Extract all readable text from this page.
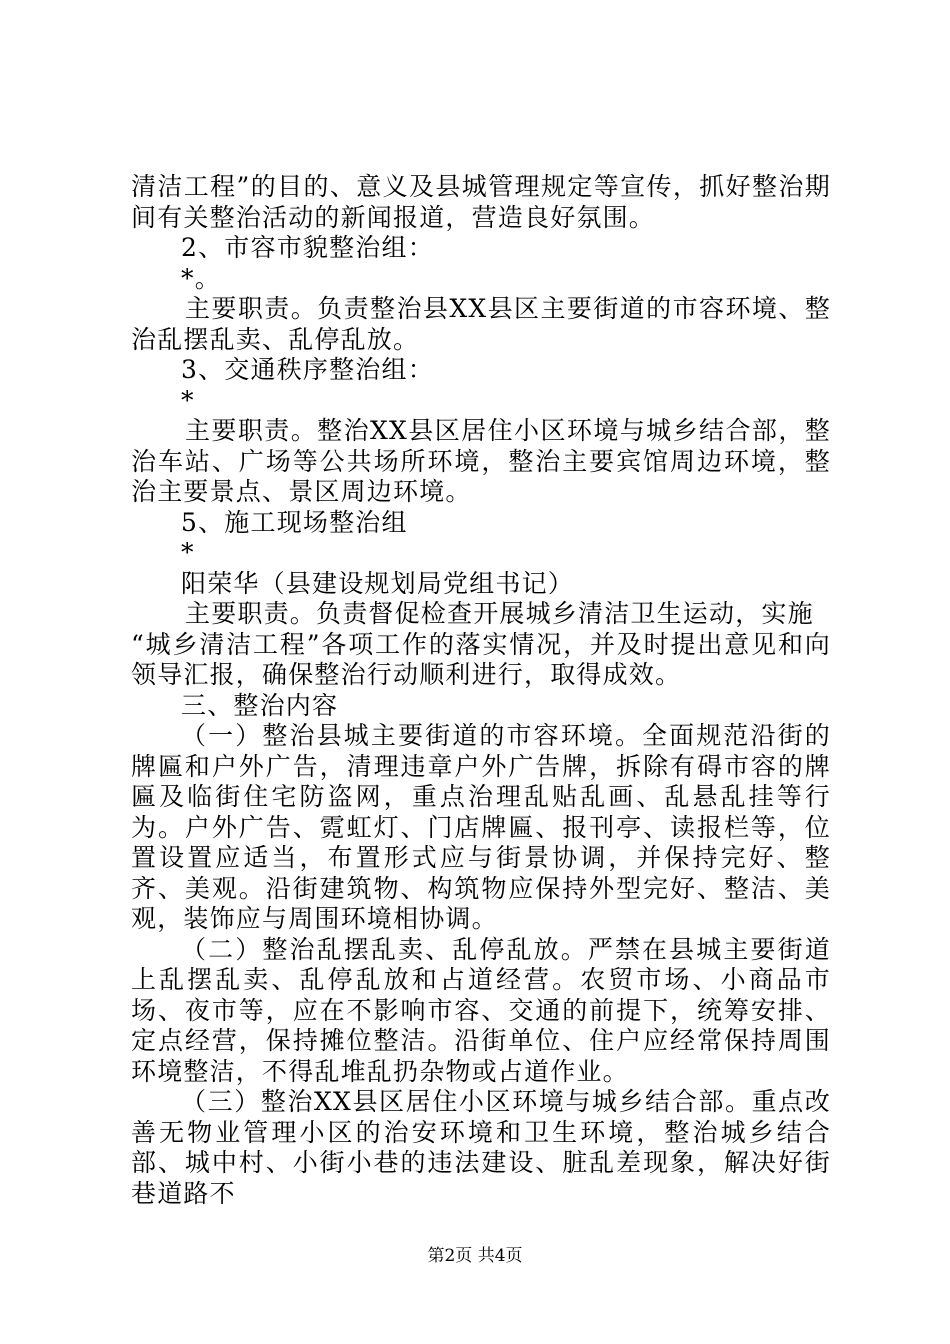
清洁工程”的目的、意义及县城管理规定等宣传，抓好整治期间有关整治活动的新闻报道，营造良好氛围。

2、市容市貌整治组：

*。

主要职责。负责整治县XX县区主要街道的市容环境、整治乱摆乱卖、乱停乱放。

3、交通秩序整治组：

*

主要职责。整治XX县区居住小区环境与城乡结合部，整治车站、广场等公共场所环境，整治主要宾馆周边环境，整治主要景点、景区周边环境。

5、施工现场整治组

*

阳荣华（县建设规划局党组书记）

主要职责。负责督促检查开展城乡清洁卫生运动，实施

“城乡清洁工程”各项工作的落实情况，并及时提出意见和向领导汇报，确保整治行动顺利进行，取得成效。

三、整治内容

（一）整治县城主要街道的市容环境。全面规范沿街的牌匾和户外广告，清理违章户外广告牌，拆除有碍市容的牌匾及临街住宅防盗网，重点治理乱贴乱画、乱悬乱挂等行为。户外广告、霓虹灯、门店牌匾、报刊亭、读报栏等，位置设置应适当，布置形式应与街景协调，并保持完好、整齐、美观。沿街建筑物、构筑物应保持外型完好、整洁、美观，装饰应与周围环境相协调。

（二）整治乱摆乱卖、乱停乱放。严禁在县城主要街道上乱摆乱卖、乱停乱放和占道经营。农贸市场、小商品市场、夜市等，应在不影响市容、交通的前提下，统筹安排、定点经营，保持摊位整洁。沿街单位、住户应经常保持周围环境整洁，不得乱堆乱扔杂物或占道作业。

（三）整治XX县区居住小区环境与城乡结合部。重点改善无物业管理小区的治安环境和卫生环境，整治城乡结合部、城中村、小街小巷的违法建设、脏乱差现象，解决好街巷道路不

第2页 共4页
